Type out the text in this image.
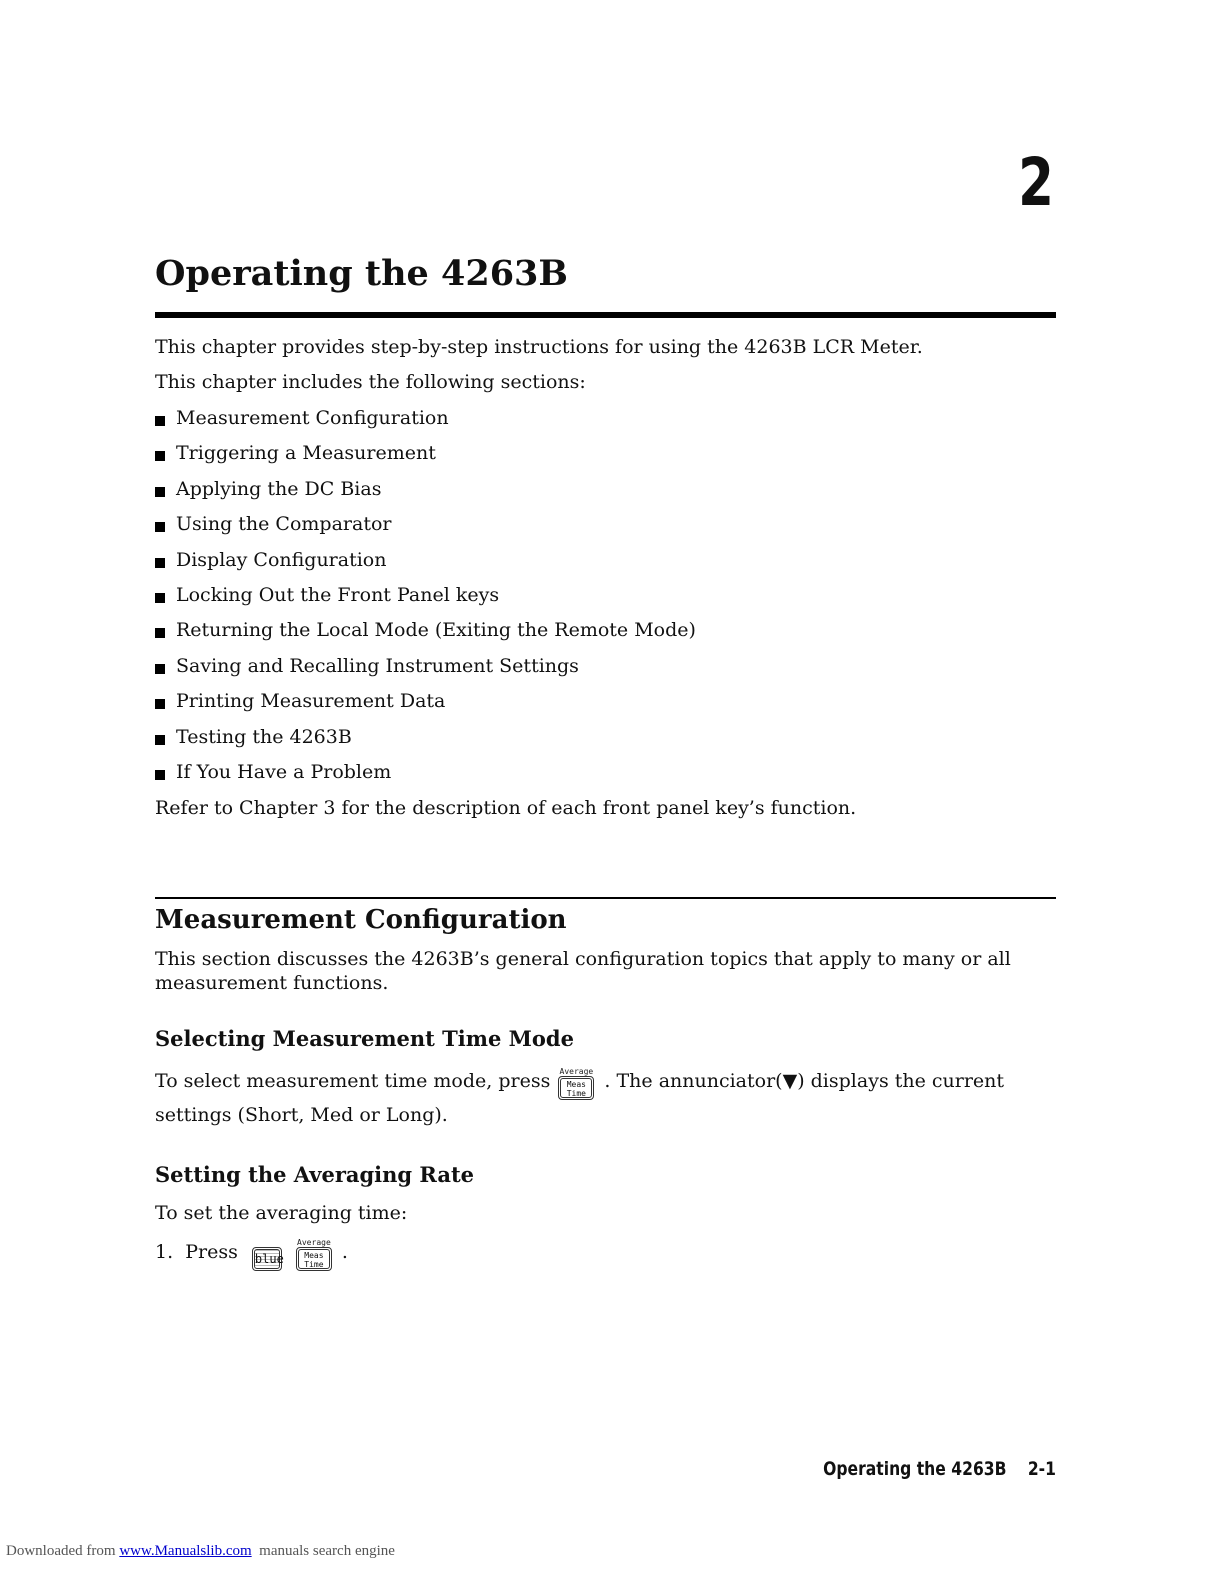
2
Operating the 4263B
This chapter provides step-by-step instructions for using the 4263B LCR Meter.
This chapter includes the following sections:
Measurement Configuration
Triggering a Measurement
Applying the DC Bias
Using the Comparator
Display Configuration
Locking Out the Front Panel keys
Returning the Local Mode (Exiting the Remote Mode)
Saving and Recalling Instrument Settings
Printing Measurement Data
Testing the 4263B
If You Have a Problem
Refer to Chapter 3 for the description of each front panel key’s function.
Measurement Configuration
This section discusses the 4263B’s general configuration topics that apply to many or all
measurement functions.
Selecting Measurement Time Mode
To select measurement time mode, press Average
Meas
Time
. The annunciator(▼) displays the current
settings (Short, Med or Long).
Setting the Averaging Rate
To set the averaging time:
1. Press
blue
Average
Meas
Time
.
Operating the 4263B 2-1
Downloaded from www.Manualslib.com manuals search engine
